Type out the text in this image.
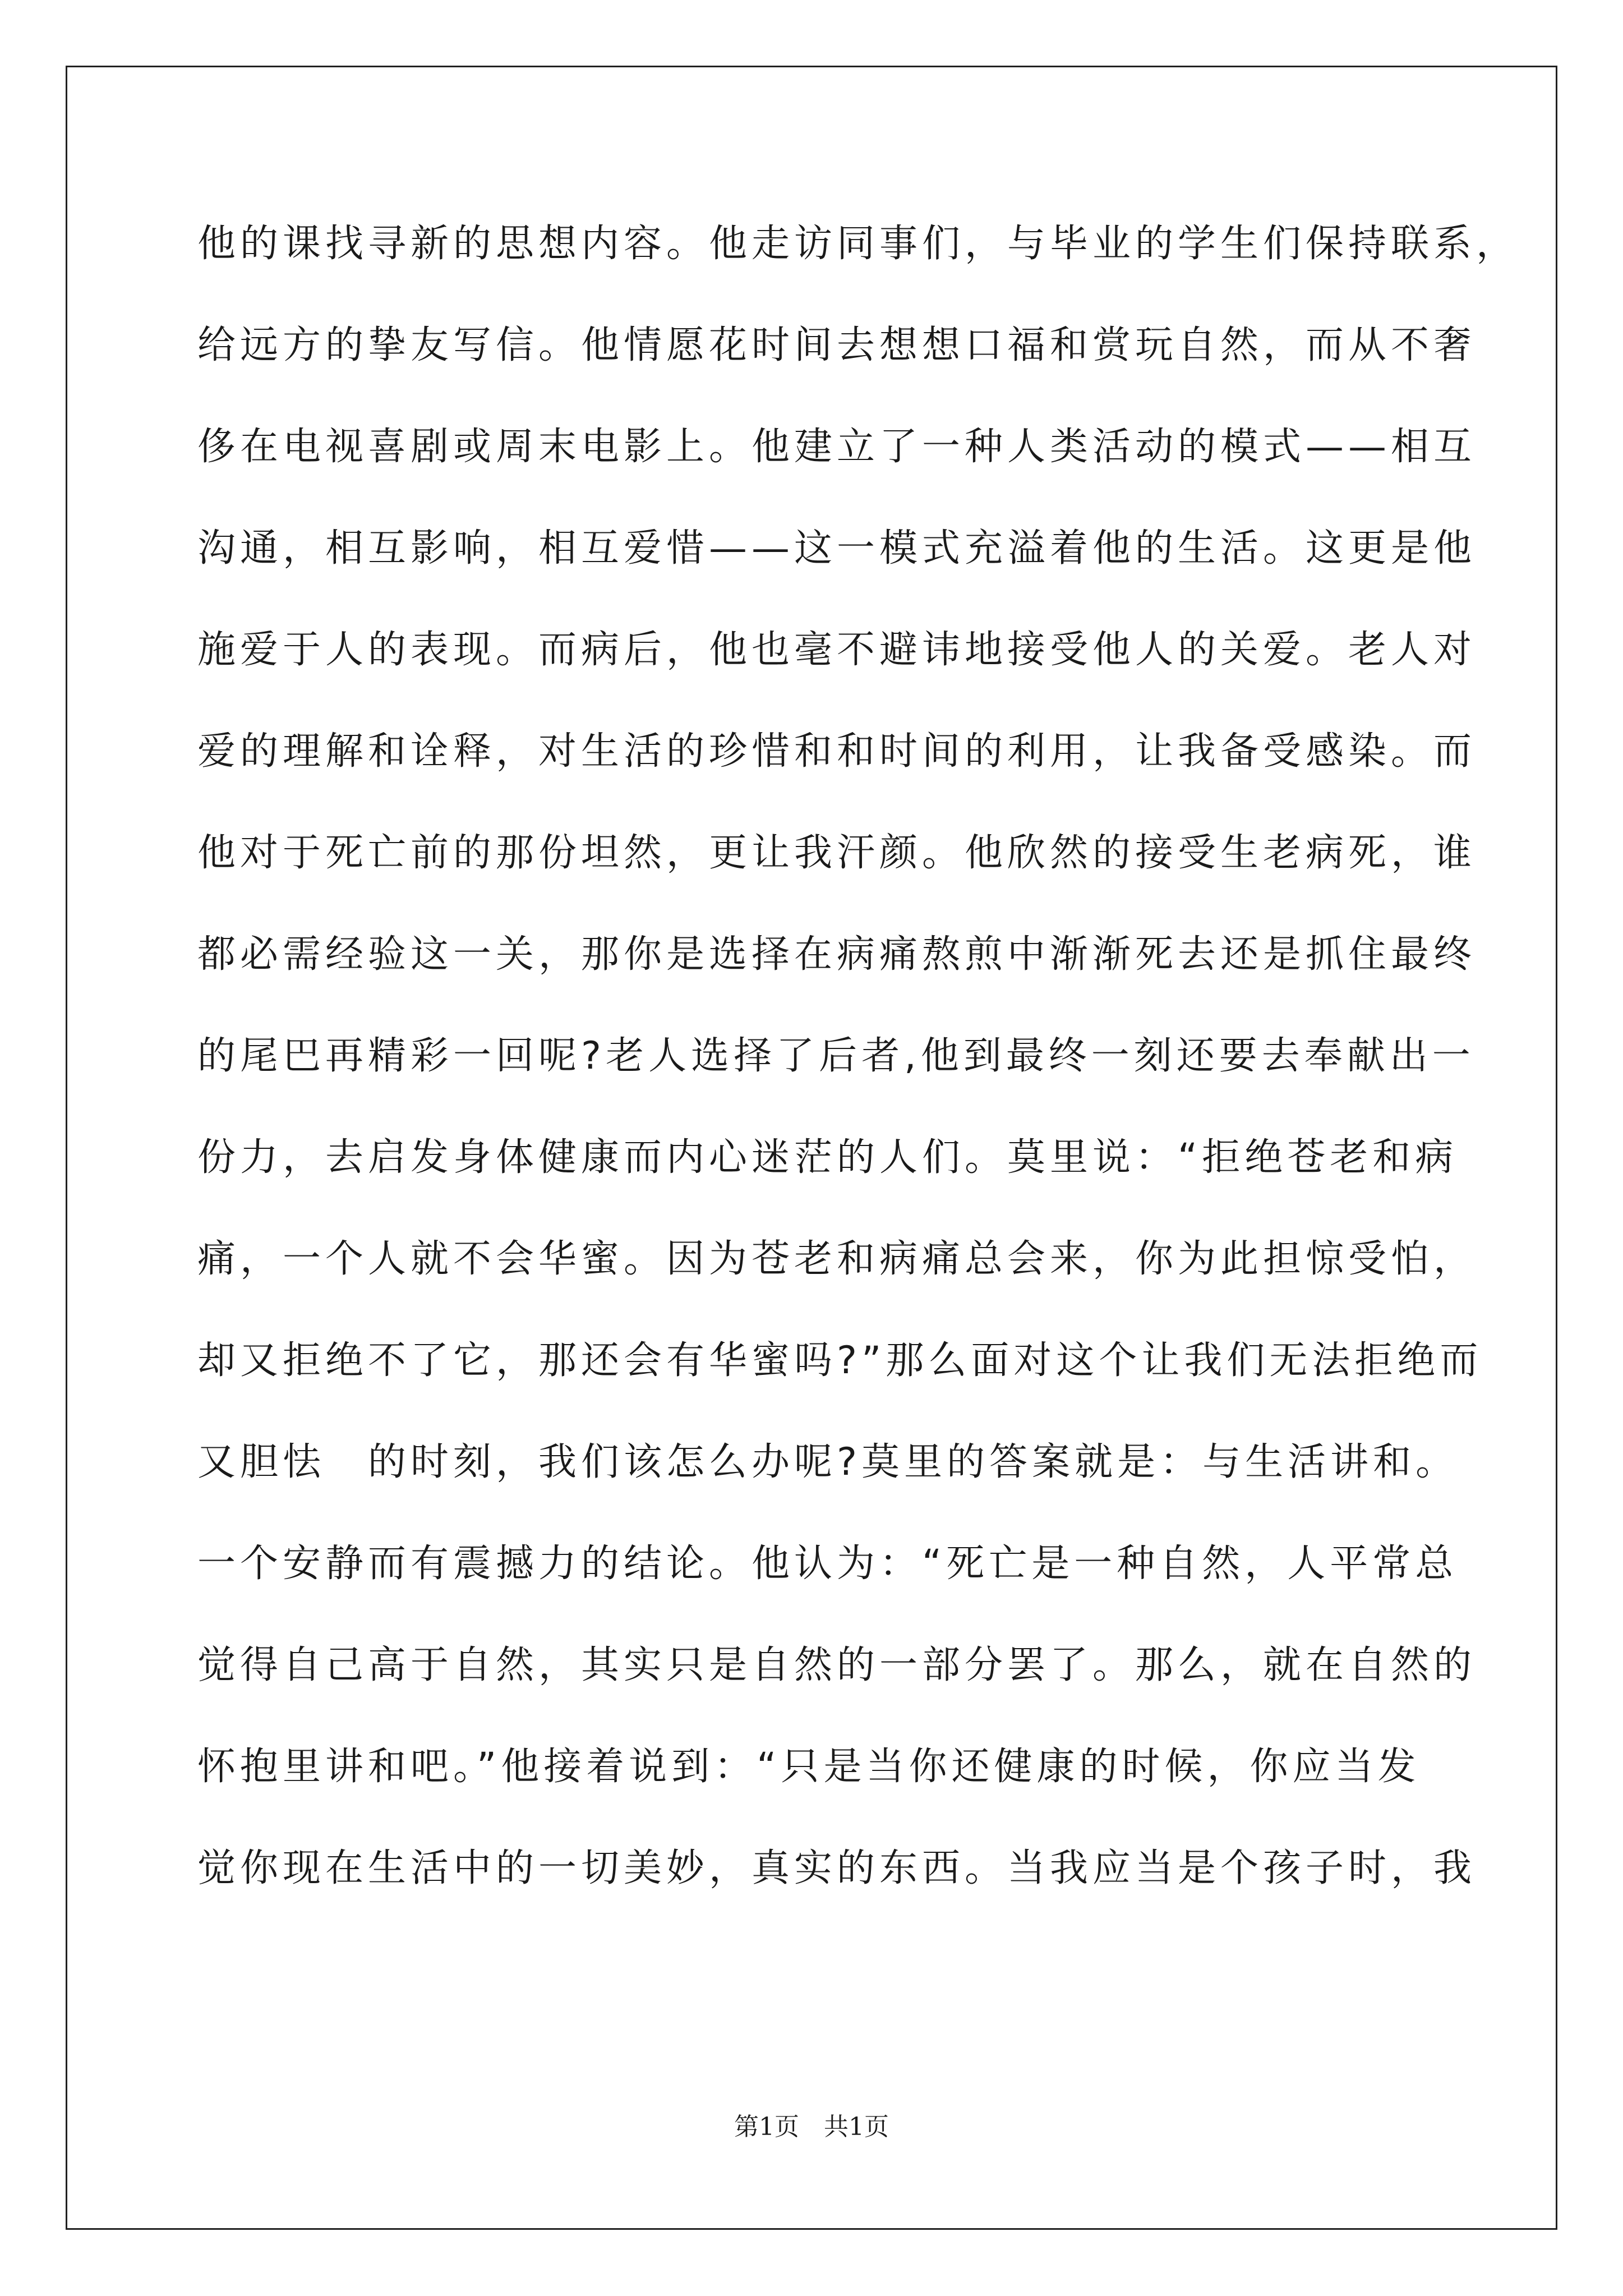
他的课找寻新的思想内容。他走访同事们，与毕业的学生们保持联系，
给远方的挚友写信。他情愿花时间去想想口福和赏玩自然，而从不奢
侈在电视喜剧或周末电影上。他建立了一种人类活动的模式——相互
沟通，相互影响，相互爱惜——这一模式充溢着他的生活。这更是他
施爱于人的表现。而病后，他也毫不避讳地接受他人的关爱。老人对
爱的理解和诠释，对生活的珍惜和和时间的利用，让我备受感染。而
他对于死亡前的那份坦然，更让我汗颜。他欣然的接受生老病死，谁
都必需经验这一关，那你是选择在病痛熬煎中渐渐死去还是抓住最终
的尾巴再精彩一回呢?老人选择了后者,他到最终一刻还要去奉献出一
份力，去启发身体健康而内心迷茫的人们。莫里说：“拒绝苍老和病
痛，一个人就不会华蜜。因为苍老和病痛总会来，你为此担惊受怕，
却又拒绝不了它，那还会有华蜜吗?”那么面对这个让我们无法拒绝而
又胆怯　的时刻，我们该怎么办呢?莫里的答案就是：与生活讲和。
一个安静而有震撼力的结论。他认为：“死亡是一种自然，人平常总
觉得自己高于自然，其实只是自然的一部分罢了。那么，就在自然的
怀抱里讲和吧。”他接着说到：“只是当你还健康的时候，你应当发
觉你现在生活中的一切美妙，真实的东西。当我应当是个孩子时，我
第1页　共1页
